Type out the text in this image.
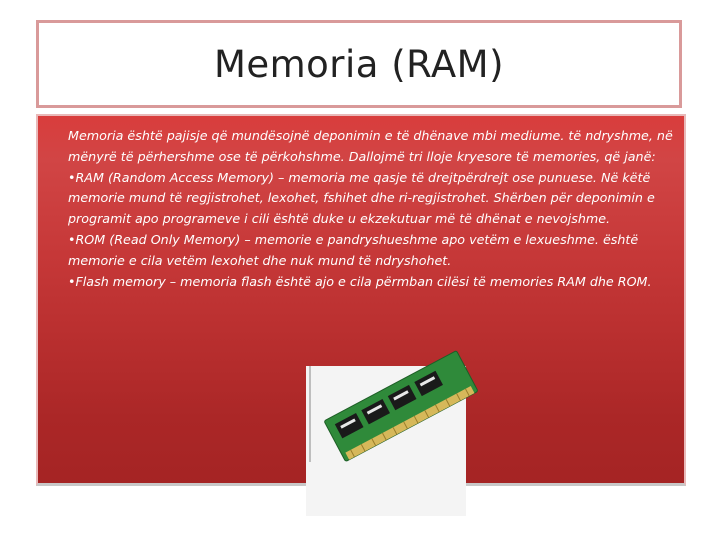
Memoria (RAM)
•	Memoria është pajisje që mundësojnë deponimin e të dhënave mbi mediume. të ndryshme, në mënyrë të përhershme ose të përkohshme. Dallojmë tri lloje kryesore të memories, që janë:
•	•RAM (Random Access Memory) – memoria me qasje të drejtpërdrejt ose punuese. Në këtë memorie mund të regjistrohet, lexohet, fshihet dhe ri-regjistrohet. Shërben për deponimin e programit apo programeve i cili është duke u ekzekutuar më të dhënat e nevojshme.
•	•ROM (Read Only Memory) – memorie e pandryshueshme apo vetëm e lexueshme. është memorie e cila vetëm lexohet dhe nuk mund të ndryshohet.
•	•Flash memory – memoria flash është ajo e cila përmban cilësi të memories RAM dhe ROM.
